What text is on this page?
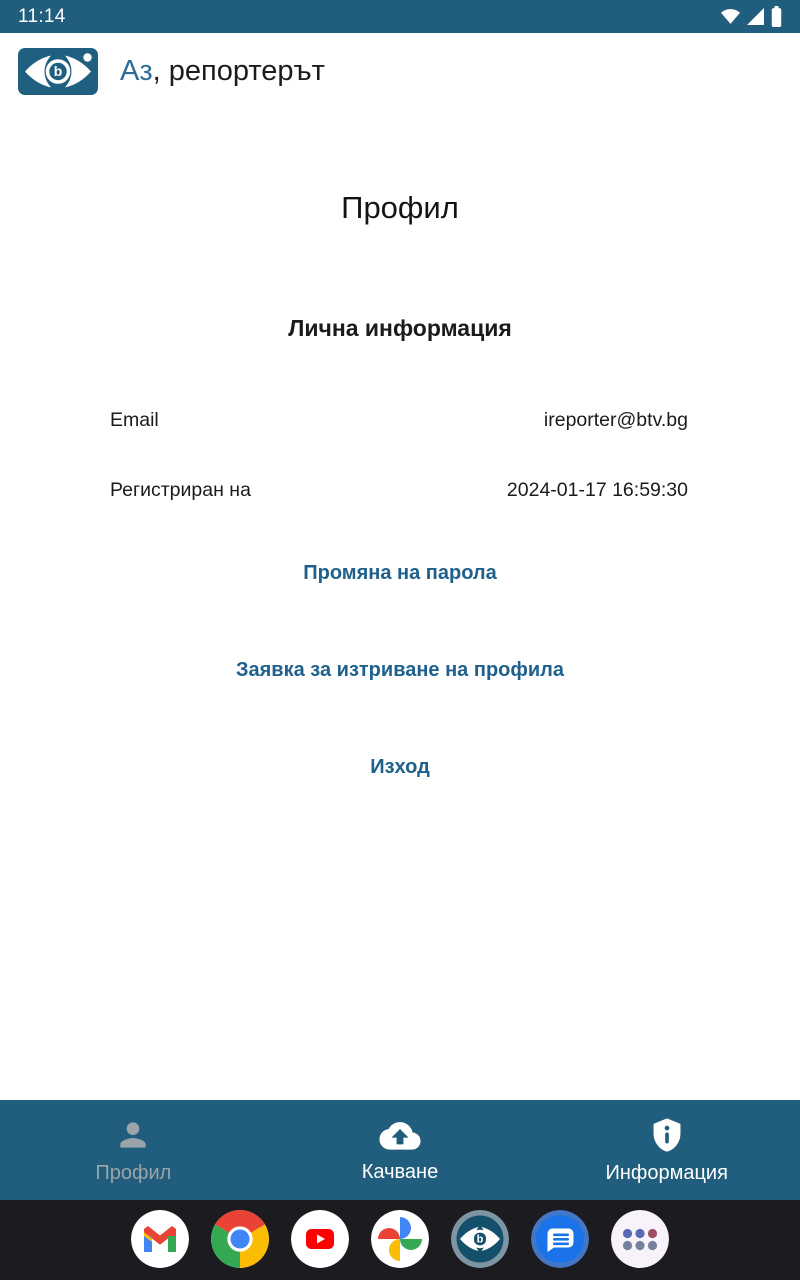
11:14
b Аз, репортерът
Профил
Лична информация
Email	ireporter@btv.bg
Регистриран на	2024-01-17 16:59:30
Промяна на парола
Заявка за изтриване на профила
Изход
Профил	Качване	Информация
b
